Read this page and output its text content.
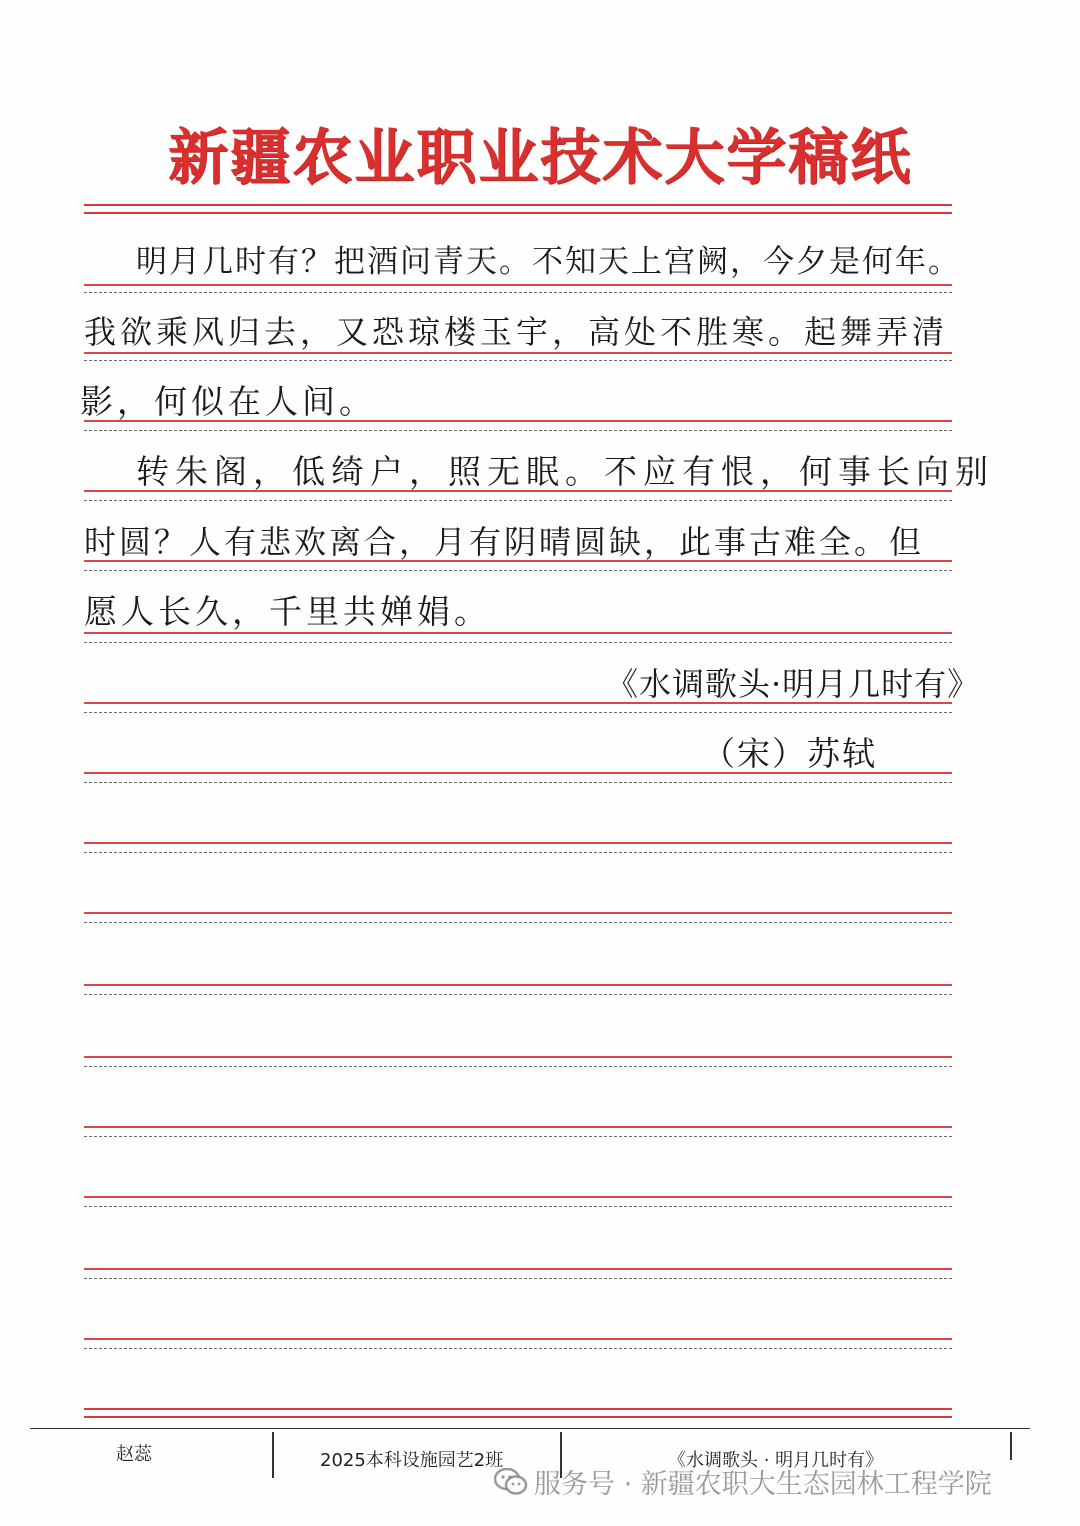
新疆农业职业技术大学稿纸
明月几时有？把酒问青天。不知天上宫阙，今夕是何年。
我欲乘风归去，又恐琼楼玉宇，高处不胜寒。起舞弄清
影，何似在人间。
转朱阁，低绮户，照无眠。不应有恨，何事长向别
时圆？人有悲欢离合，月有阴晴圆缺，此事古难全。但
愿人长久，千里共婵娟。
《水调歌头·明月几时有》
（宋）苏轼
赵蕊	2025本科设施园艺2班	《水调歌头 · 明月几时有》
服务号 · 新疆农职大生态园林工程学院
